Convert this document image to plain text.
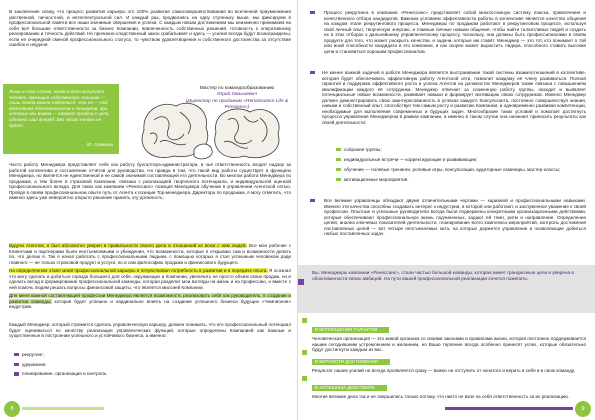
В заключение скажу, что процесс развития карьеры это 100% развитие самосовершенствования во вселенной приумножения умственной, личностной, и интеллектуальной сил. И каждый раз, продвигаясь на одну ступеньку выше, мы фиксируем в профессиональной памяти все наши значимые свершения и успехи. С каждым новым достижением мы неизменно принимаем на себя всё большие ответственности за бизнес Компании, вовлеченность собственных решений, готовность к оперативному реагированию и точность действий. Но причинно-следственный закон срабатывает и здесь — усилия всегда будут вознаграждены, если не очередной сменой профессионального статуса, то чувством удовлетворения и собственного достоинства за отсутствие ошибок и неудачи.

Лишь в том случае, когда в дело вступает человек, имеющий собственную позицию — лишь тогда можно надеяться, что он — под действием обстоятельств и стимулов, при которых мы живем — сможет прийти к цели, сделает шаг вперёд. Без этого ничего не будет.

Ю. Семенов
Мастер по командообразованию
Юрий Омышевич
(Директор по продажам «Renaissance Life & Pensions»)

Часто работу Менеджера представляет себе как работу бухгалтера-администратора, в чьё ответственность входят надзор за работой коллектива и составление отчётов для руководства. Но правда в том, что такой вид работы существует в функциях Менеджера, но является не единственной и не самой значимой составляющей его деятельности. Во многом работа Менеджера по продажам, а тем более в страховой Компании, связана с реализацией творческого потенциала, и индивидуальной оценкой профессионального вклада. Для таких как компании «Ренессанс» позиция Менеджера обучение в управлении Агентской сетью. Пройдя в своём профессиональном опыте путь от Агента к позиции Тор-менеджера, Директора по продажам, я могу отметить, что именно здесь уже невероятно открыто решение принять эту должность:

Будучи Агентом, я был абсолютно уверен в правильности своего дела и отношений ко всем с ним людей. Все мои рабочие с Клиентами и партнерами были неотъемлемыми и убеждения, что возможности, которые я открываю сам и возможности делать по, что делаю я. Так я начал работать с профессиональными людьми, с помощью которых я стал успешным человеком ради главного — не только страховой продукт и услуги, но и сам философию продажи и финансового будущего.

На определенном этапе моей профессиональной карьеры я почувствовал потребность в развитии и в передаче опыта. Я осознал что могу сделать и добиться гораздо большего для себя, окружающих и Компании, увеличить не просто объём своих продаж, но и сделать вклад в формирование профессиональной команды, которая разделит мои взгляды на жизнь и на профессию, и вместе с ней помочь людям решать вопросы финансовой защиты, что является миссией Компании.

Для меня важной составляющей профессии Менеджера является возможность реализовать себя как руководитель, в создании и развитии команды, которая будет успешно и кардинально влиять на создание успешного бизнеса будущих «Чемпионов» индустрии.

Каждый Менеджер, который стремится сделать управленческую карьеру, должен понимать, что его профессиональный потенциал будет оцениваться по качеству реализации управленческих функций, которые определены Компанией как важные и существенные в построении успешного и устойчивого бизнеса, а именно:

рекрутинг;
удержание;
планирование, организация и контроль.
8

Процесс рекрутинга в компании «Ренессанс» представляет собой многосложную систему поиска, привлечения и качественного отбора кандидатов. Важным условием эффективности работы в коллективе является качество общения на каждом этапе рекрутингового процесса. Менеджеры по продажам работают в рекрутинговом процессе, используя свой личный опыт, творческую энергию, и главные личные навыки общения, чтобы найти талантливых людей и создать их в этих отборах к дальнейшему управленческому процессу, поскольку, они должны быть профессионалами в своём продукте для того, что может раскрыть качества, и задачи, которые им ставят. Менеджер — это тот, кто понимает о той или иной способности кандидата в его компании, и как скорее может вырастить лидера, способного ставить высокие цели и становиться хорошим профессионалом.

Не менее важной задачей в работе Менеджера является выстраивание такой системы взаимоотношений в коллективе, которая будет обеспечивать эффективную работу Агентской сети, позволит каждому её члену развиваться. Полная гарантия и поддержка эффективного роста и успеха Агентов на должностях Менеджеров также связана с повышением квалификации каждого её сотрудника. Менеджер отвечает за слаженную работу группы, находит и выявляет потенциальные новые возможности, развивает навыки и формирует мотивацию своих сотрудников. Именно Менеджер должен демонстрировать свою заинтересованность в успехах каждого Консультанта, постоянно совершенствуя знания, навыки и собственный опыт, способствуя тем самым росту и развитию Компании, и одновременно развивая компетенции, необходимые для выполнения современных и будущих задач. Многообразие таких условий и помогает достигнуть процесса управления Менеджером в рамках компании, и именно в таком случае она начинает приносить результаты как своей деятельности:

собрание группы;
индивидуальные встречи — корректирующие и развивающие;
обучение — полевые тренинги, ролевые игры, консультации, аудиторные семинары, мастер-классы;
мотивационные мероприятия.

Все великие управленцы обладают двумя отличительными чертами — харизмой и профессиональными навыками. Именно эти качества способны создавать интерес к индустрии, в которой они работают, и заслуженное уважение к своей профессии. Опытные и успешные руководители всегда были подвержены конкретными организационными действиями, которые обеспечивают профессиональную жизнь подчиненных, задают ей темп, ритм и направление. Определение целей, анализ ключевых показателей деятельности, планирование всего комплекса мероприятий, контроль достижения поставленных целей — вот четыре неотъемлемых кита, на которых держится управление и позволяющие добиться любых поставленных задач.

Вы, Менеджеры компании «Ренессанс», стали частью большой команды, которая имеет грандиозные цели и уверена в обоснованности своих амбиций. На пути вашей профессиональной реализации хочется пожелать:

В ВОПЛОЩЕНИИ ТАЛАНТОВ

Человеческая организация — это живой организм со своими законами и правилами жизни, которая постоянно поддерживается нашим сегодняшним устремлением и желанием, но Ваше терпение всегда особенно принесёт успех, которые обязательно будут достигнуты каждым из вас.

В ВЕРНОСТИ ДОСТИЖЕНИЙ

Результат наших усилий не всегда проявляется сразу — важно не отступить от начатого и верить в себя и в свою команду.

В УСПЕШНЫХ ДЕЙСТВИЯХ

Многие великие дела так и не свершились только потому, что никто не взял на себя ответственность за их реализацию.

9
